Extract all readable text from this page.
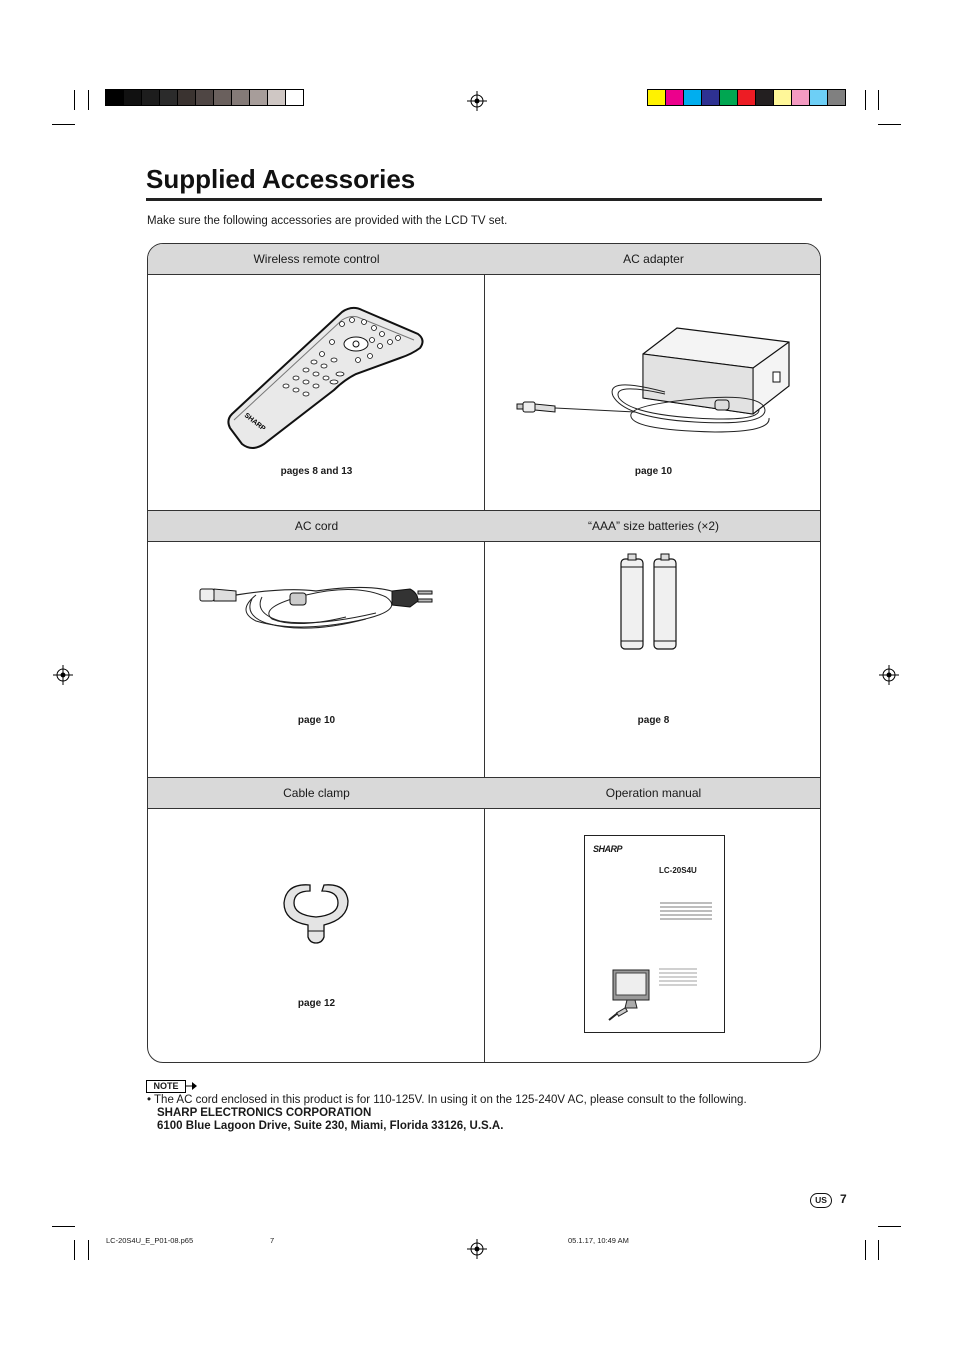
Supplied Accessories
Make sure the following accessories are provided with the LCD TV set.
Wireless remote control
SHARP
pages 8 and 13
AC adapter
page 10
AC cord
page 10
“AAA” size batteries (×2)
page 8
Cable clamp
page 12
Operation manual
SHARP
LC-20S4U
NOTE
• The AC cord enclosed in this product is for 110-125V. In using it on the 125-240V AC, please consult to the following.
SHARP ELECTRONICS CORPORATION
6100 Blue Lagoon Drive, Suite 230, Miami, Florida 33126, U.S.A.
US	7
LC-20S4U_E_P01-08.p65	7	05.1.17, 10:49 AM
